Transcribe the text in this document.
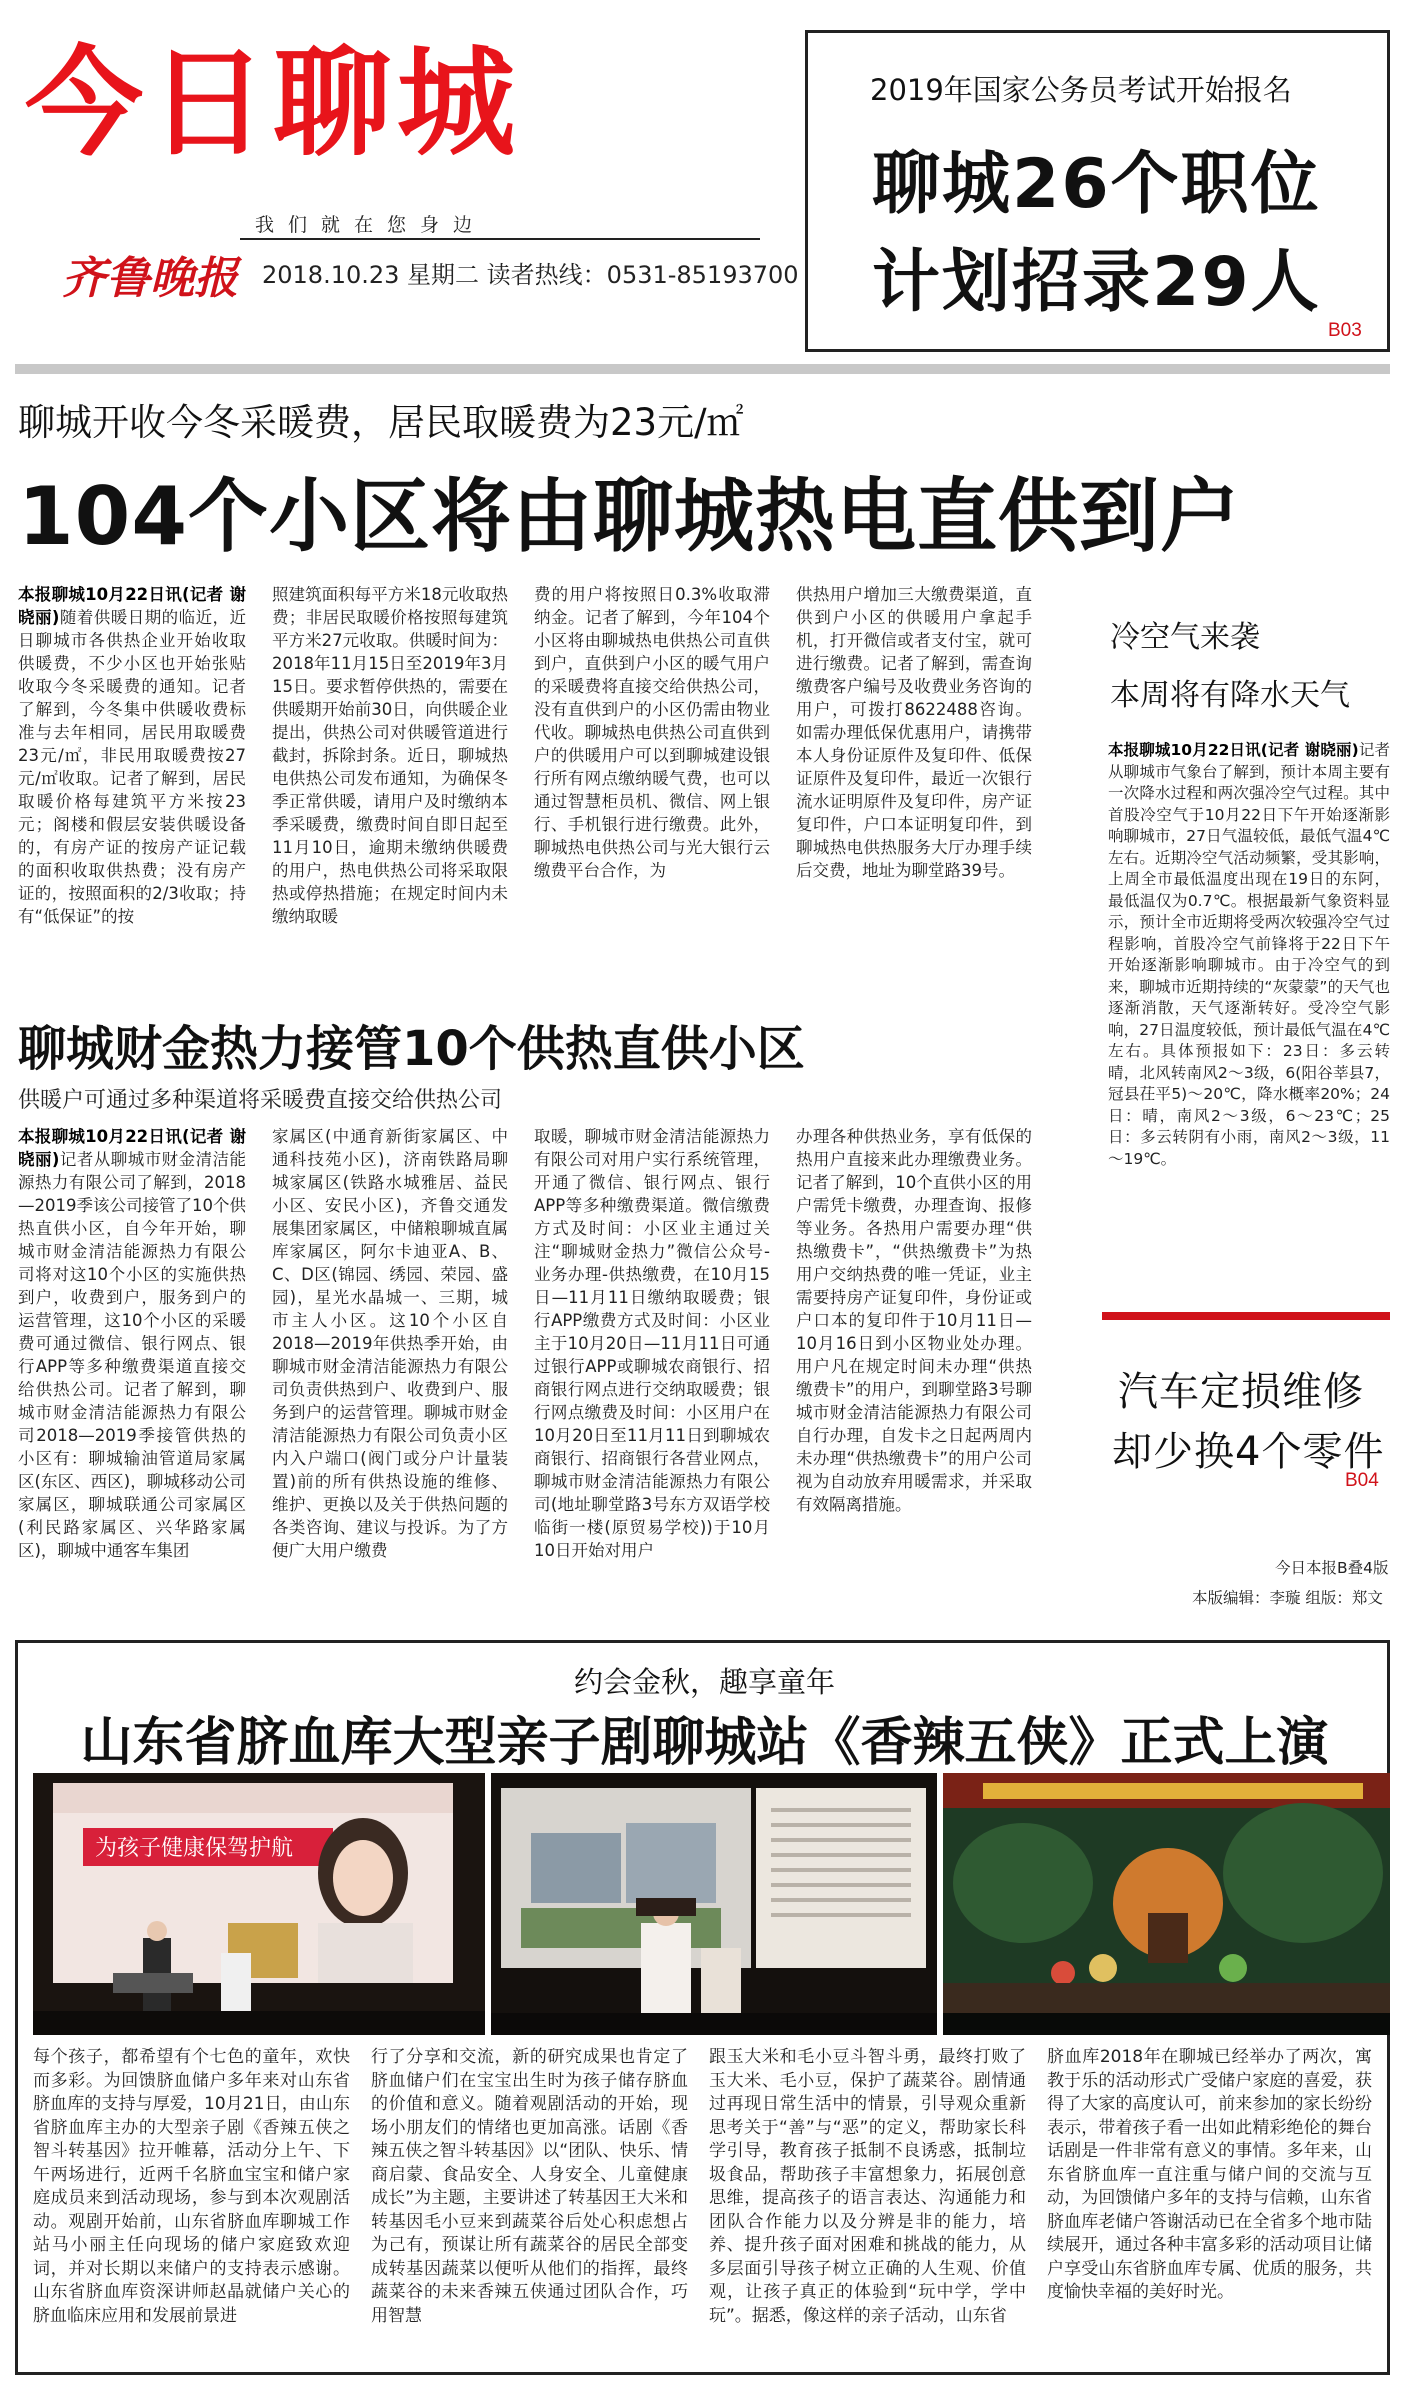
今日聊城
我们就在您身边
齐鲁晚报 2018.10.23 星期二 读者热线：0531-85193700
2019年国家公务员考试开始报名
聊城26个职位
计划招录29人
B03
聊城开收今冬采暖费，居民取暖费为23元/㎡
104个小区将由聊城热电直供到户
本报聊城10月22日讯(记者 谢晓丽)随着供暖日期的临近，近日聊城市各供热企业开始收取供暖费，不少小区也开始张贴收取今冬采暖费的通知。记者了解到，今冬集中供暖收费标准与去年相同，居民用取暖费23元/㎡，非民用取暖费按27元/㎡收取。记者了解到，居民取暖价格每建筑平方米按23元；阁楼和假层安装供暖设备的，有房产证的按房产证记载的面积收取供热费；没有房产证的，按照面积的2/3收取；持有“低保证”的按
照建筑面积每平方米18元收取热费；非居民取暖价格按照每建筑平方米27元收取。供暖时间为：2018年11月15日至2019年3月15日。要求暂停供热的，需要在供暖期开始前30日，向供暖企业提出，供热公司对供暖管道进行截封，拆除封条。近日，聊城热电供热公司发布通知，为确保冬季正常供暖，请用户及时缴纳本季采暖费，缴费时间自即日起至11月10日，逾期未缴纳供暖费的用户，热电供热公司将采取限热或停热措施；在规定时间内未缴纳取暖
费的用户将按照日0.3%收取滞纳金。记者了解到，今年104个小区将由聊城热电供热公司直供到户，直供到户小区的暖气用户的采暖费将直接交给供热公司，没有直供到户的小区仍需由物业代收。聊城热电供热公司直供到户的供暖用户可以到聊城建设银行所有网点缴纳暖气费，也可以通过智慧柜员机、微信、网上银行、手机银行进行缴费。此外，聊城热电供热公司与光大银行云缴费平台合作，为
供热用户增加三大缴费渠道，直供到户小区的供暖用户拿起手机，打开微信或者支付宝，就可进行缴费。记者了解到，需查询缴费客户编号及收费业务咨询的用户，可拨打8622488咨询。如需办理低保优惠用户，请携带本人身份证原件及复印件、低保证原件及复印件，最近一次银行流水证明原件及复印件，房产证复印件，户口本证明复印件，到聊城热电供热服务大厅办理手续后交费，地址为聊堂路39号。
聊城财金热力接管10个供热直供小区
供暖户可通过多种渠道将采暖费直接交给供热公司
本报聊城10月22日讯(记者 谢晓丽)记者从聊城市财金清洁能源热力有限公司了解到，2018—2019季该公司接管了10个供热直供小区，自今年开始，聊城市财金清洁能源热力有限公司将对这10个小区的实施供热到户，收费到户，服务到户的运营管理，这10个小区的采暖费可通过微信、银行网点、银行APP等多种缴费渠道直接交给供热公司。记者了解到，聊城市财金清洁能源热力有限公司2018—2019季接管供热的小区有：聊城输油管道局家属区(东区、西区)，聊城移动公司家属区，聊城联通公司家属区(利民路家属区、兴华路家属区)，聊城中通客车集团
家属区(中通育新街家属区、中通科技苑小区)，济南铁路局聊城家属区(铁路水城雅居、益民小区、安民小区)，齐鲁交通发展集团家属区，中储粮聊城直属库家属区，阿尔卡迪亚A、B、C、D区(锦园、绣园、荣园、盛园)，星光水晶城一、三期，城市主人小区。这10个小区自2018—2019年供热季开始，由聊城市财金清洁能源热力有限公司负责供热到户、收费到户、服务到户的运营管理。聊城市财金清洁能源热力有限公司负责小区内入户端口(阀门或分户计量装置)前的所有供热设施的维修、维护、更换以及关于供热问题的各类咨询、建议与投诉。为了方便广大用户缴费
取暖，聊城市财金清洁能源热力有限公司对用户实行系统管理，开通了微信、银行网点、银行APP等多种缴费渠道。微信缴费方式及时间：小区业主通过关注“聊城财金热力”微信公众号-业务办理-供热缴费，在10月15日—11月11日缴纳取暖费；银行APP缴费方式及时间：小区业主于10月20日—11月11日可通过银行APP或聊城农商银行、招商银行网点进行交纳取暖费；银行网点缴费及时间：小区用户在10月20日至11月11日到聊城农商银行、招商银行各营业网点，聊城市财金清洁能源热力有限公司(地址聊堂路3号东方双语学校临街一楼(原贸易学校))于10月10日开始对用户
办理各种供热业务，享有低保的热用户直接来此办理缴费业务。记者了解到，10个直供小区的用户需凭卡缴费，办理查询、报修等业务。各热用户需要办理“供热缴费卡”，“供热缴费卡”为热用户交纳热费的唯一凭证，业主需要持房产证复印件，身份证或户口本的复印件于10月11日—10月16日到小区物业处办理。用户凡在规定时间未办理“供热缴费卡”的用户，到聊堂路3号聊城市财金清洁能源热力有限公司自行办理，自发卡之日起两周内未办理“供热缴费卡”的用户公司视为自动放弃用暖需求，并采取有效隔离措施。
冷空气来袭
本周将有降水天气
本报聊城10月22日讯(记者 谢晓丽)记者从聊城市气象台了解到，预计本周主要有一次降水过程和两次强冷空气过程。其中首股冷空气于10月22日下午开始逐渐影响聊城市，27日气温较低，最低气温4℃左右。近期冷空气活动频繁，受其影响，上周全市最低温度出现在19日的东阿，最低温仅为0.7℃。根据最新气象资料显示，预计全市近期将受两次较强冷空气过程影响，首股冷空气前锋将于22日下午开始逐渐影响聊城市。由于冷空气的到来，聊城市近期持续的“灰蒙蒙”的天气也逐渐消散，天气逐渐转好。受冷空气影响，27日温度较低，预计最低气温在4℃左右。具体预报如下：23日：多云转晴，北风转南风2～3级，6(阳谷莘县7，冠县茌平5)～20℃，降水概率20%；24日：晴，南风2～3级，6～23℃；25日：多云转阴有小雨，南风2～3级，11～19℃。
汽车定损维修
却少换4个零件
B04
今日本报B叠4版
本版编辑：李璇 组版：郑文
约会金秋，趣享童年
山东省脐血库大型亲子剧聊城站《香辣五侠》正式上演
为孩子健康保驾护航
每个孩子，都希望有个七色的童年，欢快而多彩。为回馈脐血储户多年来对山东省脐血库的支持与厚爱，10月21日，由山东省脐血库主办的大型亲子剧《香辣五侠之智斗转基因》拉开帷幕，活动分上午、下午两场进行，近两千名脐血宝宝和储户家庭成员来到活动现场，参与到本次观剧活动。观剧开始前，山东省脐血库聊城工作站马小丽主任向现场的储户家庭致欢迎词，并对长期以来储户的支持表示感谢。山东省脐血库资深讲师赵晶就储户关心的脐血临床应用和发展前景进
行了分享和交流，新的研究成果也肯定了脐血储户们在宝宝出生时为孩子储存脐血的价值和意义。随着观剧活动的开始，现场小朋友们的情绪也更加高涨。话剧《香辣五侠之智斗转基因》以“团队、快乐、情商启蒙、食品安全、人身安全、儿童健康成长”为主题，主要讲述了转基因王大米和转基因毛小豆来到蔬菜谷后处心积虑想占为己有，预谋让所有蔬菜谷的居民全部变成转基因蔬菜以便听从他们的指挥，最终蔬菜谷的未来香辣五侠通过团队合作，巧用智慧
跟玉大米和毛小豆斗智斗勇，最终打败了玉大米、毛小豆，保护了蔬菜谷。剧情通过再现日常生活中的情景，引导观众重新思考关于“善”与“恶”的定义，帮助家长科学引导，教育孩子抵制不良诱惑，抵制垃圾食品，帮助孩子丰富想象力，拓展创意思维，提高孩子的语言表达、沟通能力和团队合作能力以及分辨是非的能力，培养、提升孩子面对困难和挑战的能力，从多层面引导孩子树立正确的人生观、价值观，让孩子真正的体验到“玩中学，学中玩”。据悉，像这样的亲子活动，山东省
脐血库2018年在聊城已经举办了两次，寓教于乐的活动形式广受储户家庭的喜爱，获得了大家的高度认可，前来参加的家长纷纷表示，带着孩子看一出如此精彩绝伦的舞台话剧是一件非常有意义的事情。多年来，山东省脐血库一直注重与储户间的交流与互动，为回馈储户多年的支持与信赖，山东省脐血库老储户答谢活动已在全省多个地市陆续展开，通过各种丰富多彩的活动项目让储户享受山东省脐血库专属、优质的服务，共度愉快幸福的美好时光。
